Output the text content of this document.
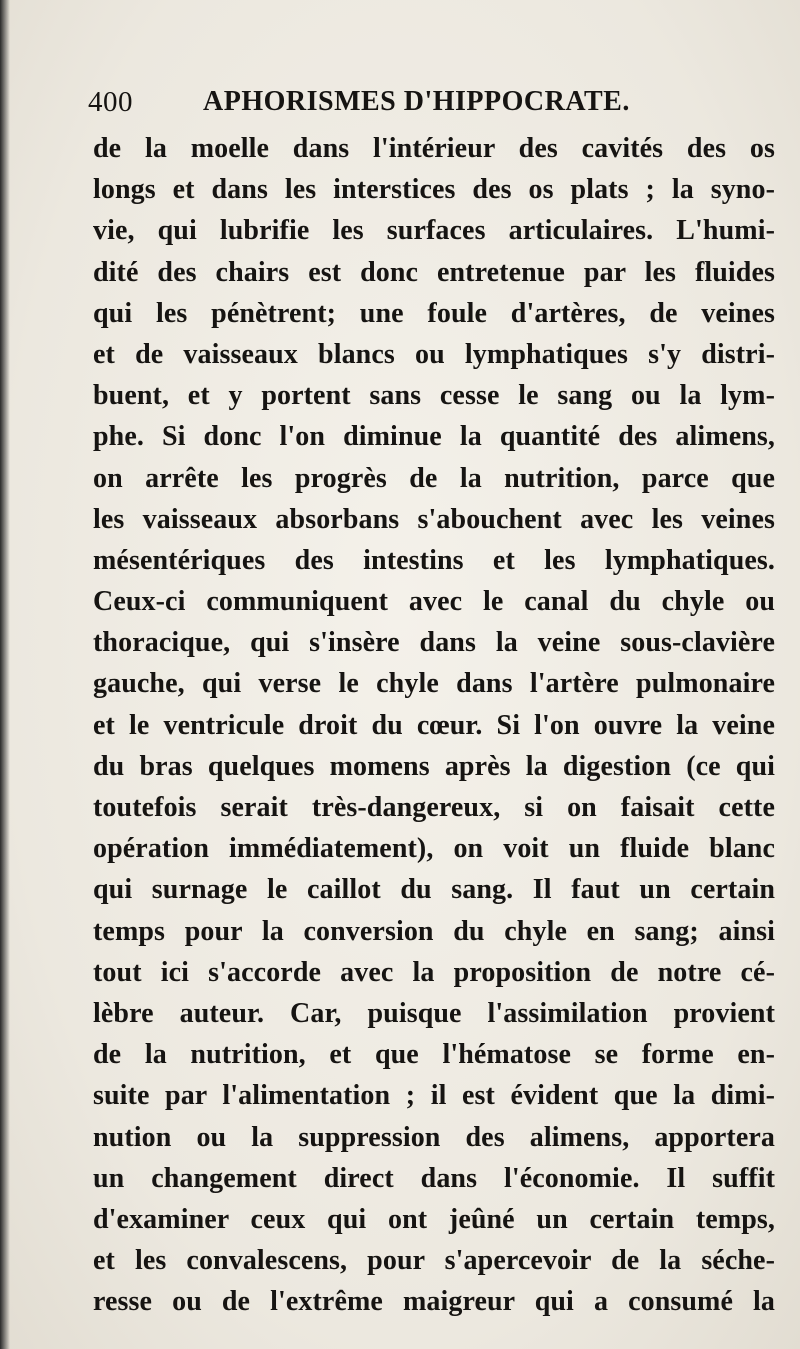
400	APHORISMES D'HIPPOCRATE.
de la moelle dans l'intérieur des cavités des os
longs et dans les interstices des os plats ; la syno-
vie, qui lubrifie les surfaces articulaires. L'humi-
dité des chairs est donc entretenue par les fluides
qui les pénètrent; une foule d'artères, de veines
et de vaisseaux blancs ou lymphatiques s'y distri-
buent, et y portent sans cesse le sang ou la lym-
phe. Si donc l'on diminue la quantité des alimens,
on arrête les progrès de la nutrition, parce que
les vaisseaux absorbans s'abouchent avec les veines
mésentériques des intestins et les lymphatiques.
Ceux-ci communiquent avec le canal du chyle ou
thoracique, qui s'insère dans la veine sous-clavière
gauche, qui verse le chyle dans l'artère pulmonaire
et le ventricule droit du cœur. Si l'on ouvre la veine
du bras quelques momens après la digestion (ce qui
toutefois serait très-dangereux, si on faisait cette
opération immédiatement), on voit un fluide blanc
qui surnage le caillot du sang. Il faut un certain
temps pour la conversion du chyle en sang; ainsi
tout ici s'accorde avec la proposition de notre cé-
lèbre auteur. Car, puisque l'assimilation provient
de la nutrition, et que l'hématose se forme en-
suite par l'alimentation ; il est évident que la dimi-
nution ou la suppression des alimens, apportera
un changement direct dans l'économie. Il suffit
d'examiner ceux qui ont jeûné un certain temps,
et les convalescens, pour s'apercevoir de la séche-
resse ou de l'extrême maigreur qui a consumé la
